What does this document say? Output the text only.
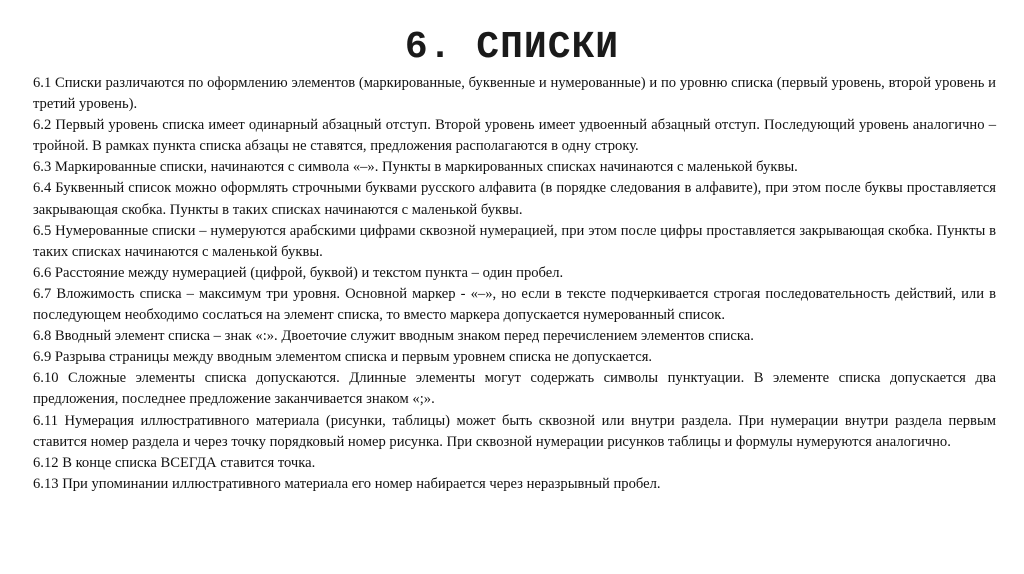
6. СПИСКИ

6.1 Списки различаются по оформлению элементов (маркированные, буквенные и нумерованные) и по уровню списка (первый уровень, второй уровень и третий уровень).

6.2 Первый уровень списка имеет одинарный абзацный отступ. Второй уровень имеет удвоенный абзацный отступ. Последующий уровень аналогично – тройной. В рамках пункта списка абзацы не ставятся, предложения располагаются в одну строку.

6.3 Маркированные списки, начинаются с символа «–». Пункты в маркированных списках начинаются с маленькой буквы.

6.4 Буквенный список можно оформлять строчными буквами русского алфавита (в порядке следования в алфавите), при этом после буквы проставляется закрывающая скобка. Пункты в таких списках начинаются с маленькой буквы.

6.5 Нумерованные списки – нумеруются арабскими цифрами сквозной нумерацией, при этом после цифры проставляется закрывающая скобка. Пункты в таких списках начинаются с маленькой буквы.

6.6 Расстояние между нумерацией (цифрой, буквой) и текстом пункта – один пробел.

6.7 Вложимость списка – максимум три уровня. Основной маркер - «–», но если в тексте подчеркивается строгая последовательность действий, или в последующем необходимо сослаться на элемент списка, то вместо маркера допускается нумерованный список.

6.8 Вводный элемент списка – знак «:». Двоеточие служит вводным знаком перед перечислением элементов списка.

6.9 Разрыва страницы между вводным элементом списка и первым уровнем списка не допускается.

6.10 Сложные элементы списка допускаются. Длинные элементы могут содержать символы пунктуации. В элементе списка допускается два предложения, последнее предложение заканчивается знаком «;».

6.11 Нумерация иллюстративного материала (рисунки, таблицы) может быть сквозной или внутри раздела. При нумерации внутри раздела первым ставится номер раздела и через точку порядковый номер рисунка. При сквозной нумерации рисунков таблицы и формулы нумеруются аналогично.

6.12 В конце списка ВСЕГДА ставится точка.

6.13 При упоминании иллюстративного материала его номер набирается через неразрывный пробел.
